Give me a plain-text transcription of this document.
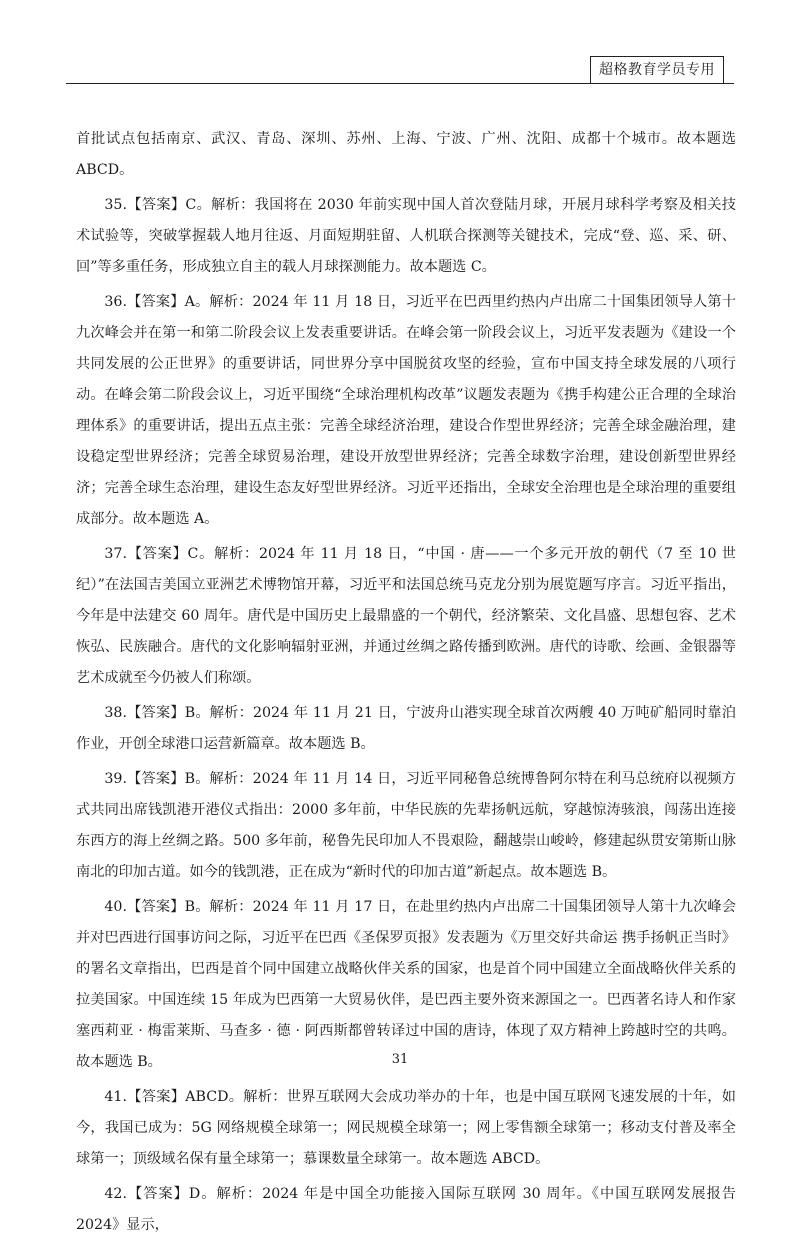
超格教育学员专用

首批试点包括南京、武汉、青岛、深圳、苏州、上海、宁波、广州、沈阳、成都十个城市。故本题选 ABCD。

35.【答案】C。解析：我国将在 2030 年前实现中国人首次登陆月球，开展月球科学考察及相关技术试验等，突破掌握载人地月往返、月面短期驻留、人机联合探测等关键技术，完成“登、巡、采、研、回”等多重任务，形成独立自主的载人月球探测能力。故本题选 C。

36.【答案】A。解析：2024 年 11 月 18 日，习近平在巴西里约热内卢出席二十国集团领导人第十九次峰会并在第一和第二阶段会议上发表重要讲话。在峰会第一阶段会议上，习近平发表题为《建设一个共同发展的公正世界》的重要讲话，同世界分享中国脱贫攻坚的经验，宣布中国支持全球发展的八项行动。在峰会第二阶段会议上，习近平围绕“全球治理机构改革”议题发表题为《携手构建公正合理的全球治理体系》的重要讲话，提出五点主张：完善全球经济治理，建设合作型世界经济；完善全球金融治理，建设稳定型世界经济；完善全球贸易治理，建设开放型世界经济；完善全球数字治理，建设创新型世界经济；完善全球生态治理，建设生态友好型世界经济。习近平还指出，全球安全治理也是全球治理的重要组成部分。故本题选 A。

37.【答案】C。解析：2024 年 11 月 18 日，“中国 · 唐——一个多元开放的朝代（7 至 10 世纪）”在法国吉美国立亚洲艺术博物馆开幕，习近平和法国总统马克龙分别为展览题写序言。习近平指出，今年是中法建交 60 周年。唐代是中国历史上最鼎盛的一个朝代，经济繁荣、文化昌盛、思想包容、艺术恢弘、民族融合。唐代的文化影响辐射亚洲，并通过丝绸之路传播到欧洲。唐代的诗歌、绘画、金银器等艺术成就至今仍被人们称颂。

38.【答案】B。解析：2024 年 11 月 21 日，宁波舟山港实现全球首次两艘 40 万吨矿船同时靠泊作业，开创全球港口运营新篇章。故本题选 B。

39.【答案】B。解析：2024 年 11 月 14 日，习近平同秘鲁总统博鲁阿尔特在利马总统府以视频方式共同出席钱凯港开港仪式指出：2000 多年前，中华民族的先辈扬帆远航，穿越惊涛骇浪，闯荡出连接东西方的海上丝绸之路。500 多年前，秘鲁先民印加人不畏艰险，翻越崇山峻岭，修建起纵贯安第斯山脉南北的印加古道。如今的钱凯港，正在成为“新时代的印加古道”新起点。故本题选 B。

40.【答案】B。解析：2024 年 11 月 17 日，在赴里约热内卢出席二十国集团领导人第十九次峰会并对巴西进行国事访问之际，习近平在巴西《圣保罗页报》发表题为《万里交好共命运 携手扬帆正当时》的署名文章指出，巴西是首个同中国建立战略伙伴关系的国家，也是首个同中国建立全面战略伙伴关系的拉美国家。中国连续 15 年成为巴西第一大贸易伙伴，是巴西主要外资来源国之一。巴西著名诗人和作家塞西莉亚 · 梅雷莱斯、马查多 · 德 · 阿西斯都曾转译过中国的唐诗，体现了双方精神上跨越时空的共鸣。故本题选 B。

41.【答案】ABCD。解析：世界互联网大会成功举办的十年，也是中国互联网飞速发展的十年，如今，我国已成为：5G 网络规模全球第一；网民规模全球第一；网上零售额全球第一；移动支付普及率全球第一；顶级域名保有量全球第一；慕课数量全球第一。故本题选 ABCD。

42.【答案】D。解析：2024 年是中国全功能接入国际互联网 30 周年。《中国互联网发展报告 2024》显示，

31
